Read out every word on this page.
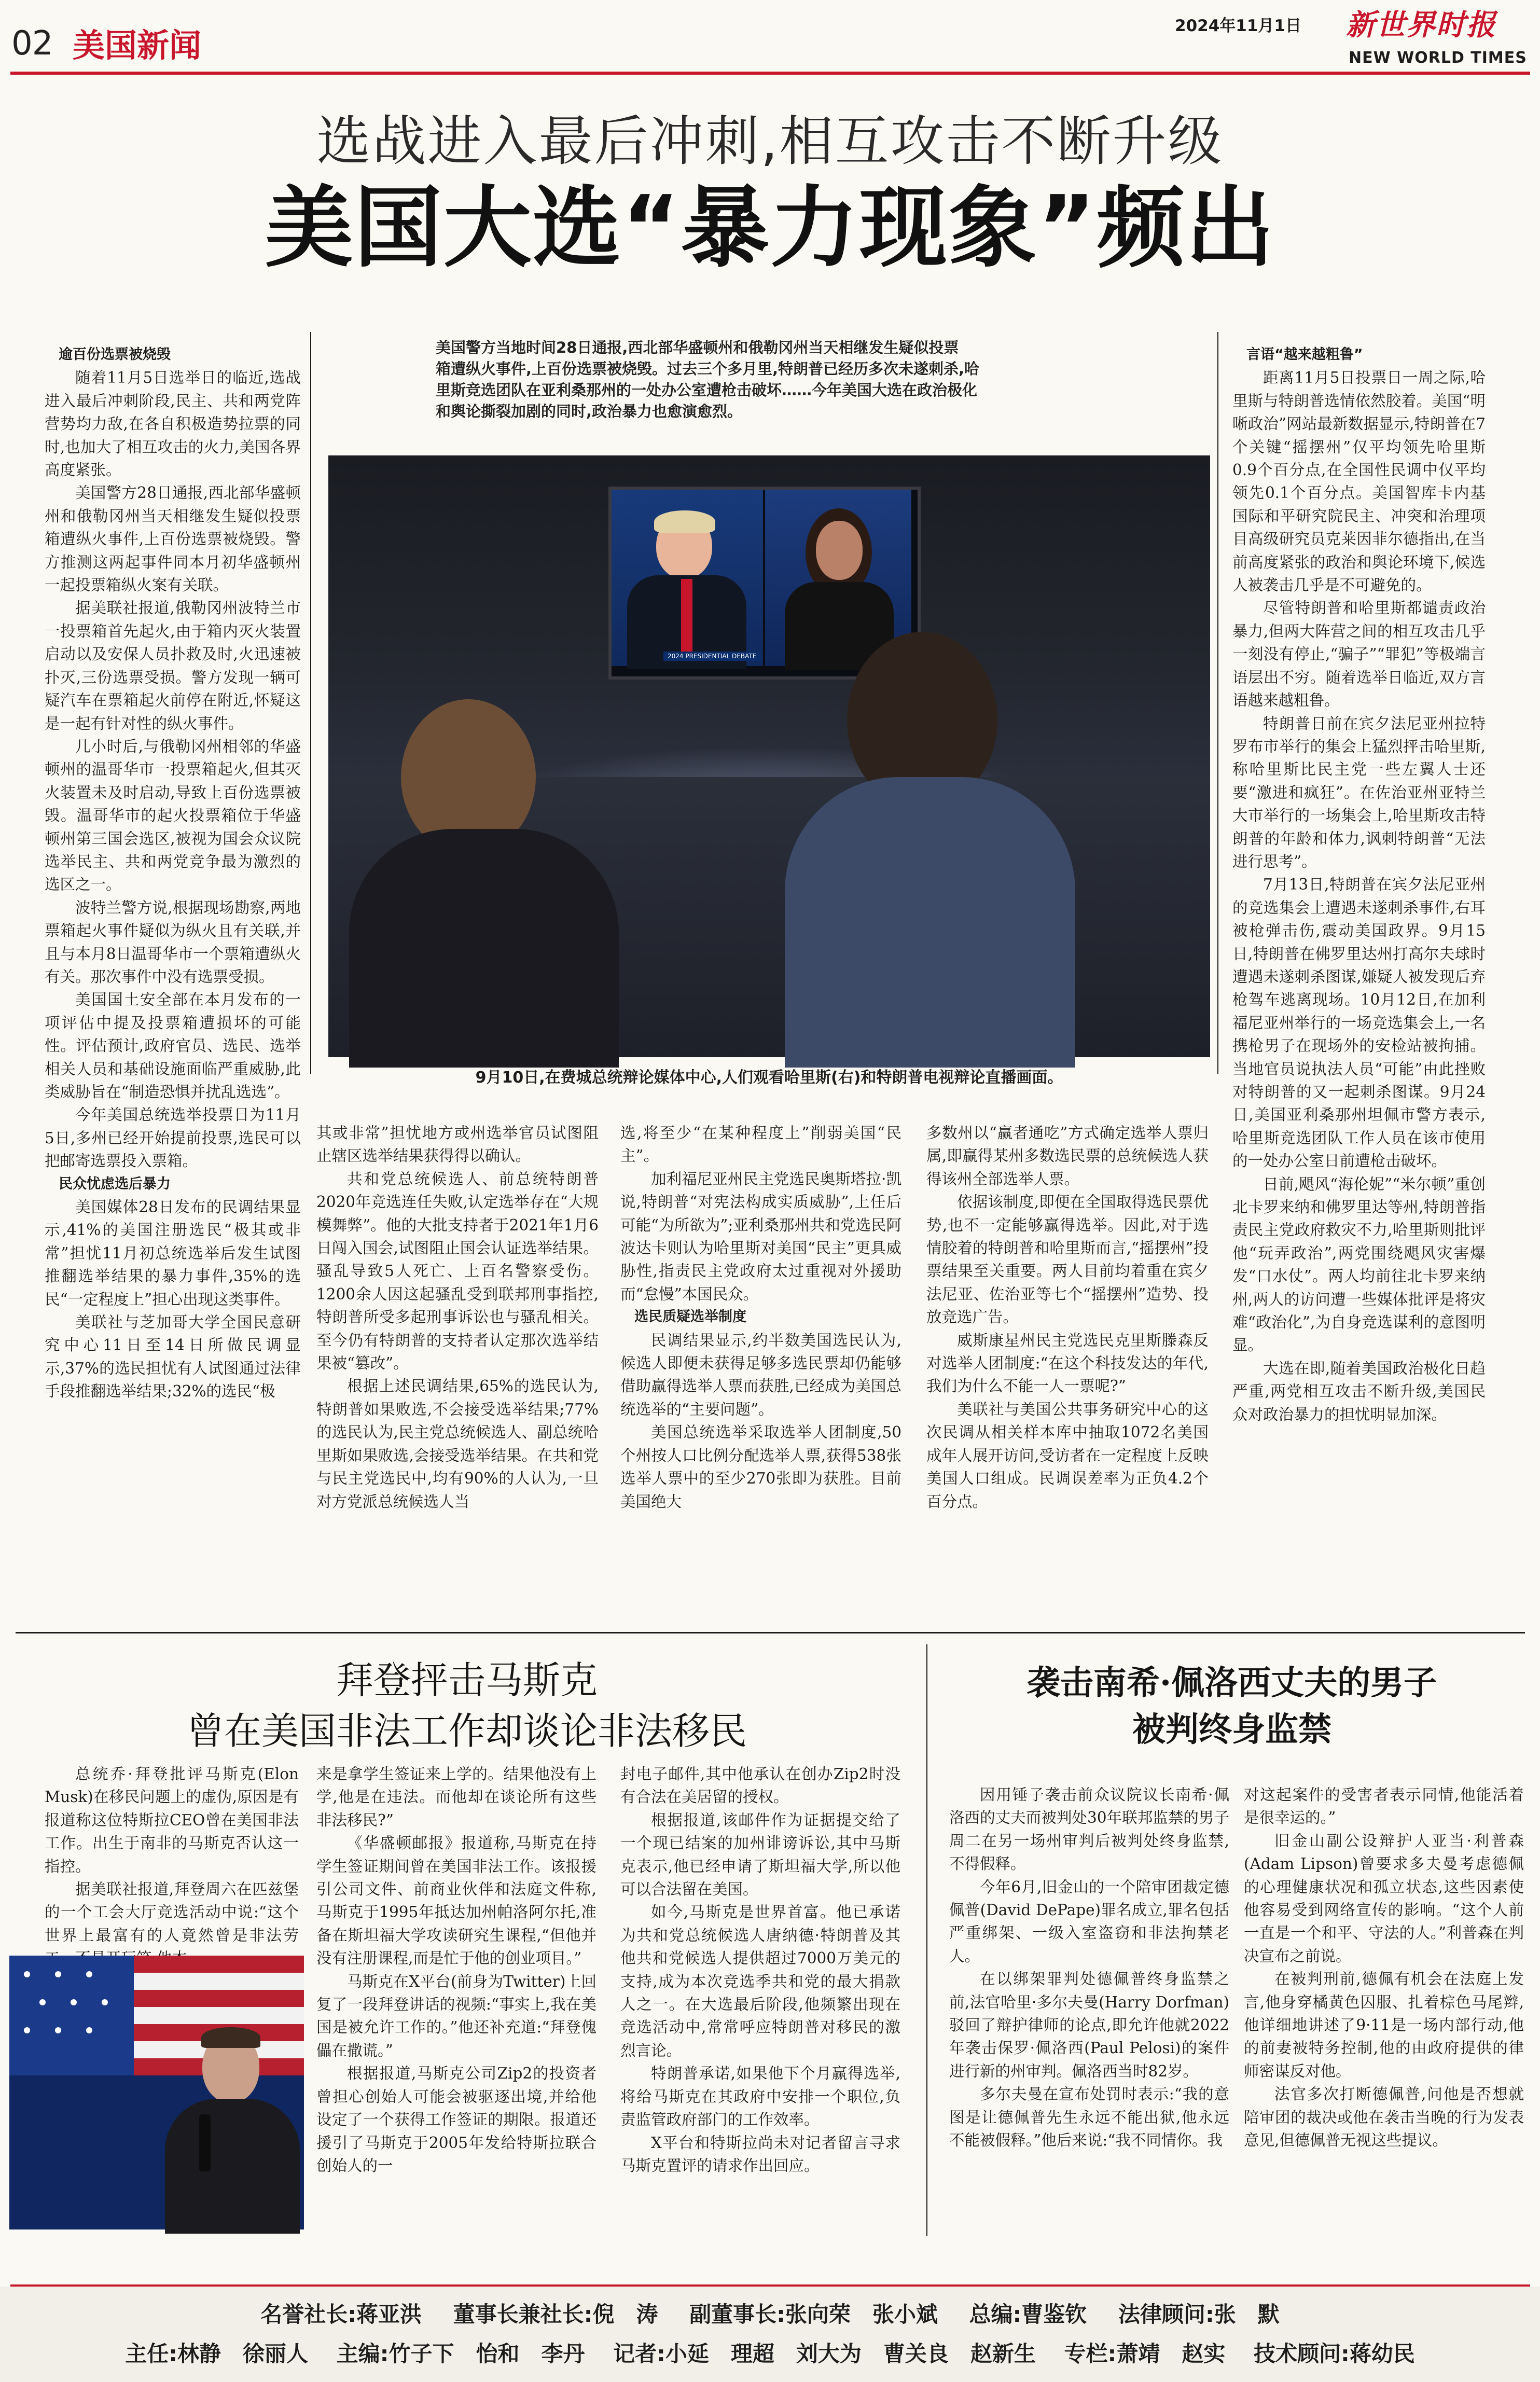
02 美国新闻
2024年11月1日 新世界时报
NEW WORLD TIMES
选战进入最后冲刺,相互攻击不断升级
美国大选“暴力现象”频出
美国警方当地时间28日通报,西北部华盛顿州和俄勒冈州当天相继发生疑似投票
箱遭纵火事件,上百份选票被烧毁。过去三个多月里,特朗普已经历多次未遂刺杀,哈
里斯竞选团队在亚利桑那州的一处办公室遭枪击破坏……今年美国大选在政治极化
和舆论撕裂加剧的同时,政治暴力也愈演愈烈。
2024 PRESIDENTIAL DEBATE
9月10日,在费城总统辩论媒体中心,人们观看哈里斯(右)和特朗普电视辩论直播画面。
逾百份选票被烧毁

随着11月5日选举日的临近,选战进入最后冲刺阶段,民主、共和两党阵营势均力敌,在各自积极造势拉票的同时,也加大了相互攻击的火力,美国各界高度紧张。

美国警方28日通报,西北部华盛顿州和俄勒冈州当天相继发生疑似投票箱遭纵火事件,上百份选票被烧毁。警方推测这两起事件同本月初华盛顿州一起投票箱纵火案有关联。

据美联社报道,俄勒冈州波特兰市一投票箱首先起火,由于箱内灭火装置启动以及安保人员扑救及时,火迅速被扑灭,三份选票受损。警方发现一辆可疑汽车在票箱起火前停在附近,怀疑这是一起有针对性的纵火事件。

几小时后,与俄勒冈州相邻的华盛顿州的温哥华市一投票箱起火,但其灭火装置未及时启动,导致上百份选票被毁。温哥华市的起火投票箱位于华盛顿州第三国会选区,被视为国会众议院选举民主、共和两党竞争最为激烈的选区之一。

波特兰警方说,根据现场勘察,两地票箱起火事件疑似为纵火且有关联,并且与本月8日温哥华市一个票箱遭纵火有关。那次事件中没有选票受损。

美国国土安全部在本月发布的一项评估中提及投票箱遭损坏的可能性。评估预计,政府官员、选民、选举相关人员和基础设施面临严重威胁,此类威胁旨在“制造恐惧并扰乱选选”。

今年美国总统选举投票日为11月5日,多州已经开始提前投票,选民可以把邮寄选票投入票箱。

民众忧虑选后暴力

美国媒体28日发布的民调结果显示,41%的美国注册选民“极其或非常”担忧11月初总统选举后发生试图推翻选举结果的暴力事件,35%的选民“一定程度上”担心出现这类事件。

美联社与芝加哥大学全国民意研究中心11日至14日所做民调显示,37%的选民担忧有人试图通过法律手段推翻选举结果;32%的选民“极

其或非常”担忧地方或州选举官员试图阻止辖区选举结果获得得以确认。

共和党总统候选人、前总统特朗普2020年竞选连任失败,认定选举存在“大规模舞弊”。他的大批支持者于2021年1月6日闯入国会,试图阻止国会认证选举结果。骚乱导致5人死亡、上百名警察受伤。1200余人因这起骚乱受到联邦刑事指控,特朗普所受多起刑事诉讼也与骚乱相关。至今仍有特朗普的支持者认定那次选举结果被“篡改”。

根据上述民调结果,65%的选民认为,特朗普如果败选,不会接受选举结果;77%的选民认为,民主党总统候选人、副总统哈里斯如果败选,会接受选举结果。在共和党与民主党选民中,均有90%的人认为,一旦对方党派总统候选人当

选,将至少“在某种程度上”削弱美国“民主”。

加利福尼亚州民主党选民奥斯塔拉·凯说,特朗普“对宪法构成实质威胁”,上任后可能“为所欲为”;亚利桑那州共和党选民阿波达卡则认为哈里斯对美国“民主”更具威胁性,指责民主党政府太过重视对外援助而“怠慢”本国民众。

选民质疑选举制度

民调结果显示,约半数美国选民认为,候选人即便未获得足够多选民票却仍能够借助赢得选举人票而获胜,已经成为美国总统选举的“主要问题”。

美国总统选举采取选举人团制度,50个州按人口比例分配选举人票,获得538张选举人票中的至少270张即为获胜。目前美国绝大

多数州以“赢者通吃”方式确定选举人票归属,即赢得某州多数选民票的总统候选人获得该州全部选举人票。

依据该制度,即便在全国取得选民票优势,也不一定能够赢得选举。因此,对于选情胶着的特朗普和哈里斯而言,“摇摆州”投票结果至关重要。两人目前均着重在宾夕法尼亚、佐治亚等七个“摇摆州”造势、投放竞选广告。

威斯康星州民主党选民克里斯滕森反对选举人团制度:“在这个科技发达的年代,我们为什么不能一人一票呢?”

美联社与美国公共事务研究中心的这次民调从相关样本库中抽取1072名美国成年人展开访问,受访者在一定程度上反映美国人口组成。民调误差率为正负4.2个百分点。

言语“越来越粗鲁”

距离11月5日投票日一周之际,哈里斯与特朗普选情依然胶着。美国“明晰政治”网站最新数据显示,特朗普在7个关键“摇摆州”仅平均领先哈里斯0.9个百分点,在全国性民调中仅平均领先0.1个百分点。美国智库卡内基国际和平研究院民主、冲突和治理项目高级研究员克莱因菲尔德指出,在当前高度紧张的政治和舆论环境下,候选人被袭击几乎是不可避免的。

尽管特朗普和哈里斯都谴责政治暴力,但两大阵营之间的相互攻击几乎一刻没有停止,“骗子”“罪犯”等极端言语层出不穷。随着选举日临近,双方言语越来越粗鲁。

特朗普日前在宾夕法尼亚州拉特罗布市举行的集会上猛烈抨击哈里斯,称哈里斯比民主党一些左翼人士还要“激进和疯狂”。在佐治亚州亚特兰大市举行的一场集会上,哈里斯攻击特朗普的年龄和体力,讽刺特朗普“无法进行思考”。

7月13日,特朗普在宾夕法尼亚州的竞选集会上遭遇未遂刺杀事件,右耳被枪弹击伤,震动美国政界。9月15日,特朗普在佛罗里达州打高尔夫球时遭遇未遂刺杀图谋,嫌疑人被发现后弃枪驾车逃离现场。10月12日,在加利福尼亚州举行的一场竞选集会上,一名携枪男子在现场外的安检站被拘捕。当地官员说执法人员“可能”由此挫败对特朗普的又一起刺杀图谋。9月24日,美国亚利桑那州坦佩市警方表示,哈里斯竞选团队工作人员在该市使用的一处办公室日前遭枪击破坏。

日前,飓风“海伦妮”“米尔顿”重创北卡罗来纳和佛罗里达等州,特朗普指责民主党政府救灾不力,哈里斯则批评他“玩弄政治”,两党围绕飓风灾害爆发“口水仗”。两人均前往北卡罗来纳州,两人的访问遭一些媒体批评是将灾难“政治化”,为自身竞选谋利的意图明显。

大选在即,随着美国政治极化日趋严重,两党相互攻击不断升级,美国民众对政治暴力的担忧明显加深。

拜登抨击马斯克
曾在美国非法工作却谈论非法移民

总统乔·拜登批评马斯克(Elon Musk)在移民问题上的虚伪,原因是有报道称这位特斯拉CEO曾在美国非法工作。出生于南非的马斯克否认这一指控。

据美联社报道,拜登周六在匹兹堡的一个工会大厅竞选活动中说:“这个世界上最富有的人竟然曾是非法劳

来是拿学生签证来上学的。结果他没有上学,他是在违法。而他却在谈论所有这些非法移民?”

《华盛顿邮报》报道称,马斯克在持学生签证期间曾在美国非法工作。该报援引公司文件、前商业伙伴和法庭文件称,马斯克于1995年抵达加州帕洛阿尔托,准备在斯坦福大学攻读研究生课程,“但他并没有注册课程,而是忙于他的创业项目。”

马斯克在X平台(前身为Twitter)上回复了一段拜登讲话的视频:“事实上,我在美国是被允许工作的。”他还补充道:“拜登傀儡在撒谎。”

根据报道,马斯克公司Zip2的投资者曾担心创始人可能会被驱逐出境,并给他设定了一个获得工作签证的期限。报道还援引了马斯克于2005年发给特斯拉联合创始人的一

封电子邮件,其中他承认在创办Zip2时没有合法在美居留的授权。

根据报道,该邮件作为证据提交给了一个现已结案的加州诽谤诉讼,其中马斯克表示,他已经申请了斯坦福大学,所以他可以合法留在美国。

如今,马斯克是世界首富。他已承诺为共和党总统候选人唐纳德·特朗普及其他共和党候选人提供超过7000万美元的支持,成为本次竞选季共和党的最大捐款人之一。在大选最后阶段,他频繁出现在竞选活动中,常常呼应特朗普对移民的激烈言论。

特朗普承诺,如果他下个月赢得选举,将给马斯克在其政府中安排一个职位,负责监管政府部门的工作效率。

X平台和特斯拉尚未对记者留言寻求马斯克置评的请求作出回应。

袭击南希·佩洛西丈夫的男子
被判终身监禁

因用锤子袭击前众议院议长南希·佩洛西的丈夫而被判处30年联邦监禁的男子周二在另一场州审判后被判处终身监禁,不得假释。

今年6月,旧金山的一个陪审团裁定德佩普(David DePape)罪名成立,罪名包括严重绑架、一级入室盗窃和非法拘禁老人。

在以绑架罪判处德佩普终身监禁之前,法官哈里·多尔夫曼(Harry Dorfman)驳回了辩护律师的论点,即允许他就2022年袭击保罗·佩洛西(Paul Pelosi)的案件进行新的州审判。佩洛西当时82岁。

多尔夫曼在宣布处罚时表示:“我的意图是让德佩普先生永远不能出狱,他永远不能被假释。”他后来说:“我不同情你。我

对这起案件的受害者表示同情,他能活着是很幸运的。”

旧金山副公设辩护人亚当·利普森(Adam Lipson)曾要求多夫曼考虑德佩的心理健康状况和孤立状态,这些因素使他容易受到网络宣传的影响。“这个人前一直是一个和平、守法的人。”利普森在判决宣布之前说。

在被判刑前,德佩有机会在法庭上发言,他身穿橘黄色囚服、扎着棕色马尾辫,他详细地讲述了9·11是一场内部行动,他的前妻被特务控制,他的由政府提供的律师密谋反对他。

法官多次打断德佩普,问他是否想就陪审团的裁决或他在袭击当晚的行为发表意见,但德佩普无视这些提议。

名誉社长:蒋亚洪 董事长兼社长:倪　涛 副董事长:张向荣　张小斌 总编:曹鉴钦 法律顾问:张　默
主任:林静　徐丽人 主编:竹子下　怡和　李丹 记者:小延　理超　刘大为　曹关良　赵新生 专栏:萧靖　赵实 技术顾问:蒋幼民
